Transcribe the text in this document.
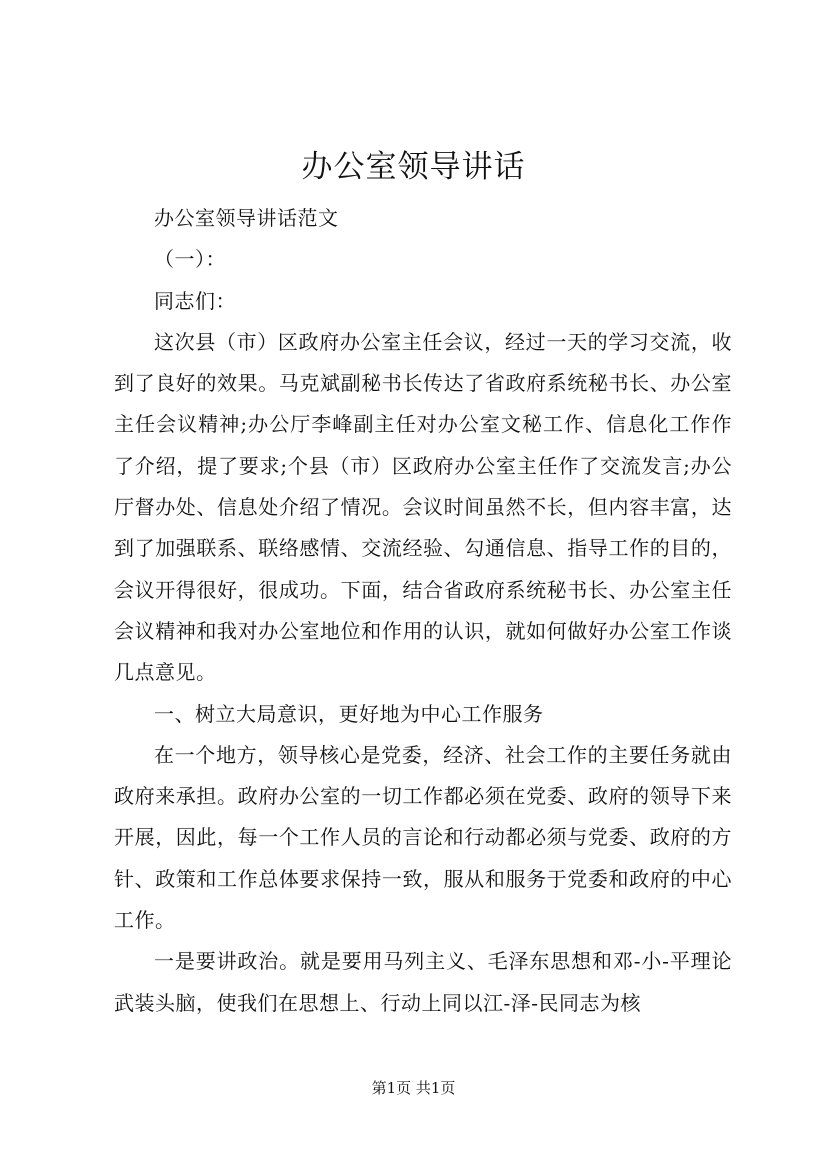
办公室领导讲话

办公室领导讲话范文

（一）：

同志们：

这次县（市）区政府办公室主任会议，经过一天的学习交流，收到了良好的效果。马克斌副秘书长传达了省政府系统秘书长、办公室主任会议精神;办公厅李峰副主任对办公室文秘工作、信息化工作作了介绍，提了要求;个县（市）区政府办公室主任作了交流发言;办公厅督办处、信息处介绍了情况。会议时间虽然不长，但内容丰富，达到了加强联系、联络感情、交流经验、勾通信息、指导工作的目的，会议开得很好，很成功。下面，结合省政府系统秘书长、办公室主任会议精神和我对办公室地位和作用的认识，就如何做好办公室工作谈几点意见。

一、树立大局意识，更好地为中心工作服务

在一个地方，领导核心是党委，经济、社会工作的主要任务就由政府来承担。政府办公室的一切工作都必须在党委、政府的领导下来开展，因此，每一个工作人员的言论和行动都必须与党委、政府的方针、政策和工作总体要求保持一致，服从和服务于党委和政府的中心工作。

一是要讲政治。就是要用马列主义、毛泽东思想和邓-小-平理论武装头脑，使我们在思想上、行动上同以江-泽-民同志为核

第1页 共1页
